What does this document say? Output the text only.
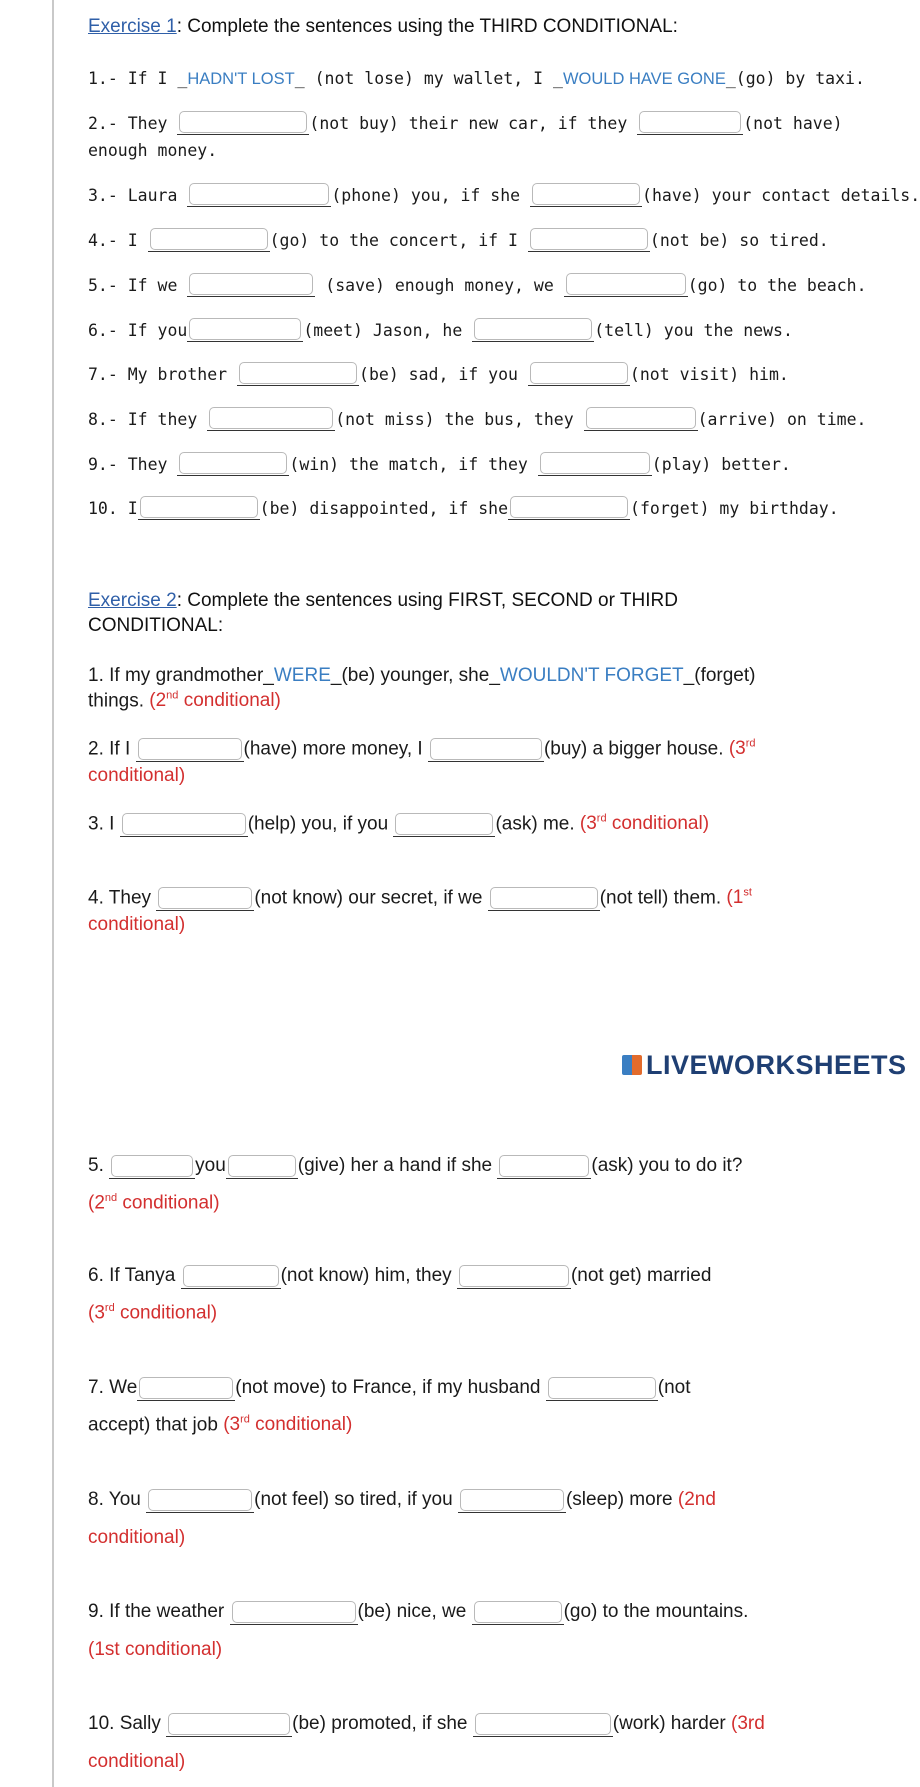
Exercise 1: Complete the sentences using the THIRD CONDITIONAL:
1.- If I _HADN'T LOST_ (not lose) my wallet, I _WOULD HAVE GONE_(go) by taxi.
2.- They	(not buy) their new car, if they	(not have)
enough money.
3.- Laura	(phone) you, if she	(have) your contact details.
4.- I	(go) to the concert, if I	(not be) so tired.
5.- If we	(save) enough money, we	(go) to the beach.
6.- If you	(meet) Jason, he	(tell) you the news.
7.- My brother	(be) sad, if you	(not visit) him.
8.- If they	(not miss) the bus, they	(arrive) on time.
9.- They	(win) the match, if they	(play) better.
10. I	(be) disappointed, if she	(forget) my birthday.
Exercise 2: Complete the sentences using FIRST, SECOND or THIRD
CONDITIONAL:
1. If my grandmother_WERE_(be) younger, she_WOULDN'T FORGET_(forget)
things. (2nd conditional)
2. If I	(have) more money, I	(buy) a bigger house. (3rd
conditional)
3. I	(help) you, if you	(ask) me. (3rd conditional)
4. They	(not know) our secret, if we	(not tell) them. (1st
conditional)
LIVEWORKSHEETS
5.	you	(give) her a hand if she	(ask) you to do it?
(2nd conditional)
6. If Tanya	(not know) him, they	(not get) married
(3rd conditional)
7. We	(not move) to France, if my husband	(not
accept) that job (3rd conditional)
8. You	(not feel) so tired, if you	(sleep) more (2nd
conditional)
9. If the weather	(be) nice, we	(go) to the mountains.
(1st conditional)
10. Sally	(be) promoted, if she	(work) harder (3rd
conditional)
